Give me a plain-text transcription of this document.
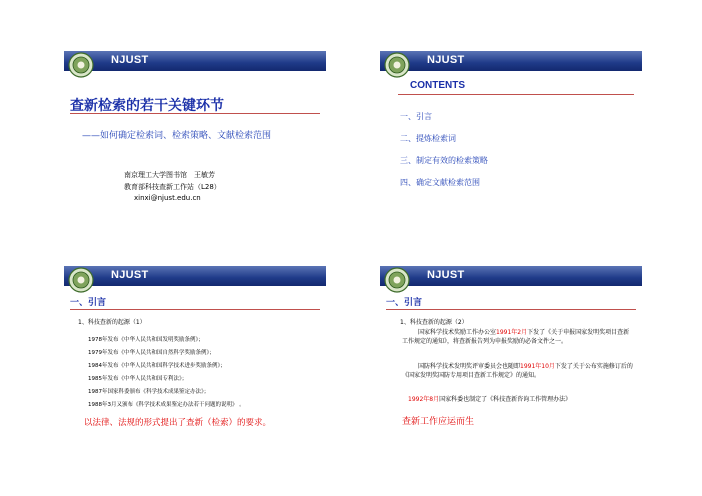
NJUST
查新检索的若干关键环节
——如何确定检索词、检索策略、文献检索范围
南京理工大学图书馆　王敏芳
教育部科技查新工作站（L28）
xinxi@njust.edu.cn
NJUST
CONTENTS
一、引言
二、提炼检索词
三、制定有效的检索策略
四、确定文献检索范围
NJUST
一、引言
1、科技查新的起源（1）
1978年发布《中华人民共和国发明奖励条例》；
1979年发布《中华人民共和国自然科学奖励条例》；
1984年发布《中华人民共和国科学技术进步奖励条例》；
1985年发布《中华人民共和国专利法》；
1987年国家科委颁布《科学技术成果鉴定办法》；
1988年3月又颁布《科学技术成果鉴定办法若干问题的说明》 。
以法律、法规的形式提出了查新（检索）的要求。
NJUST
一、引言
1、科技查新的起源（2）
国家科学技术奖励工作办公室1991年2月下发了《关于申报国家发明奖项目查新工作规定的通知》，将查新报告列为申报奖励的必备文件之一。
国防科学技术发明奖评审委员会也随即1991年10月下发了关于公布实施修订后的《国家发明奖国防专用项目查新工作规定》的通知。
1992年8月国家科委也制定了《科技查新咨询工作管理办法》
查新工作应运而生
